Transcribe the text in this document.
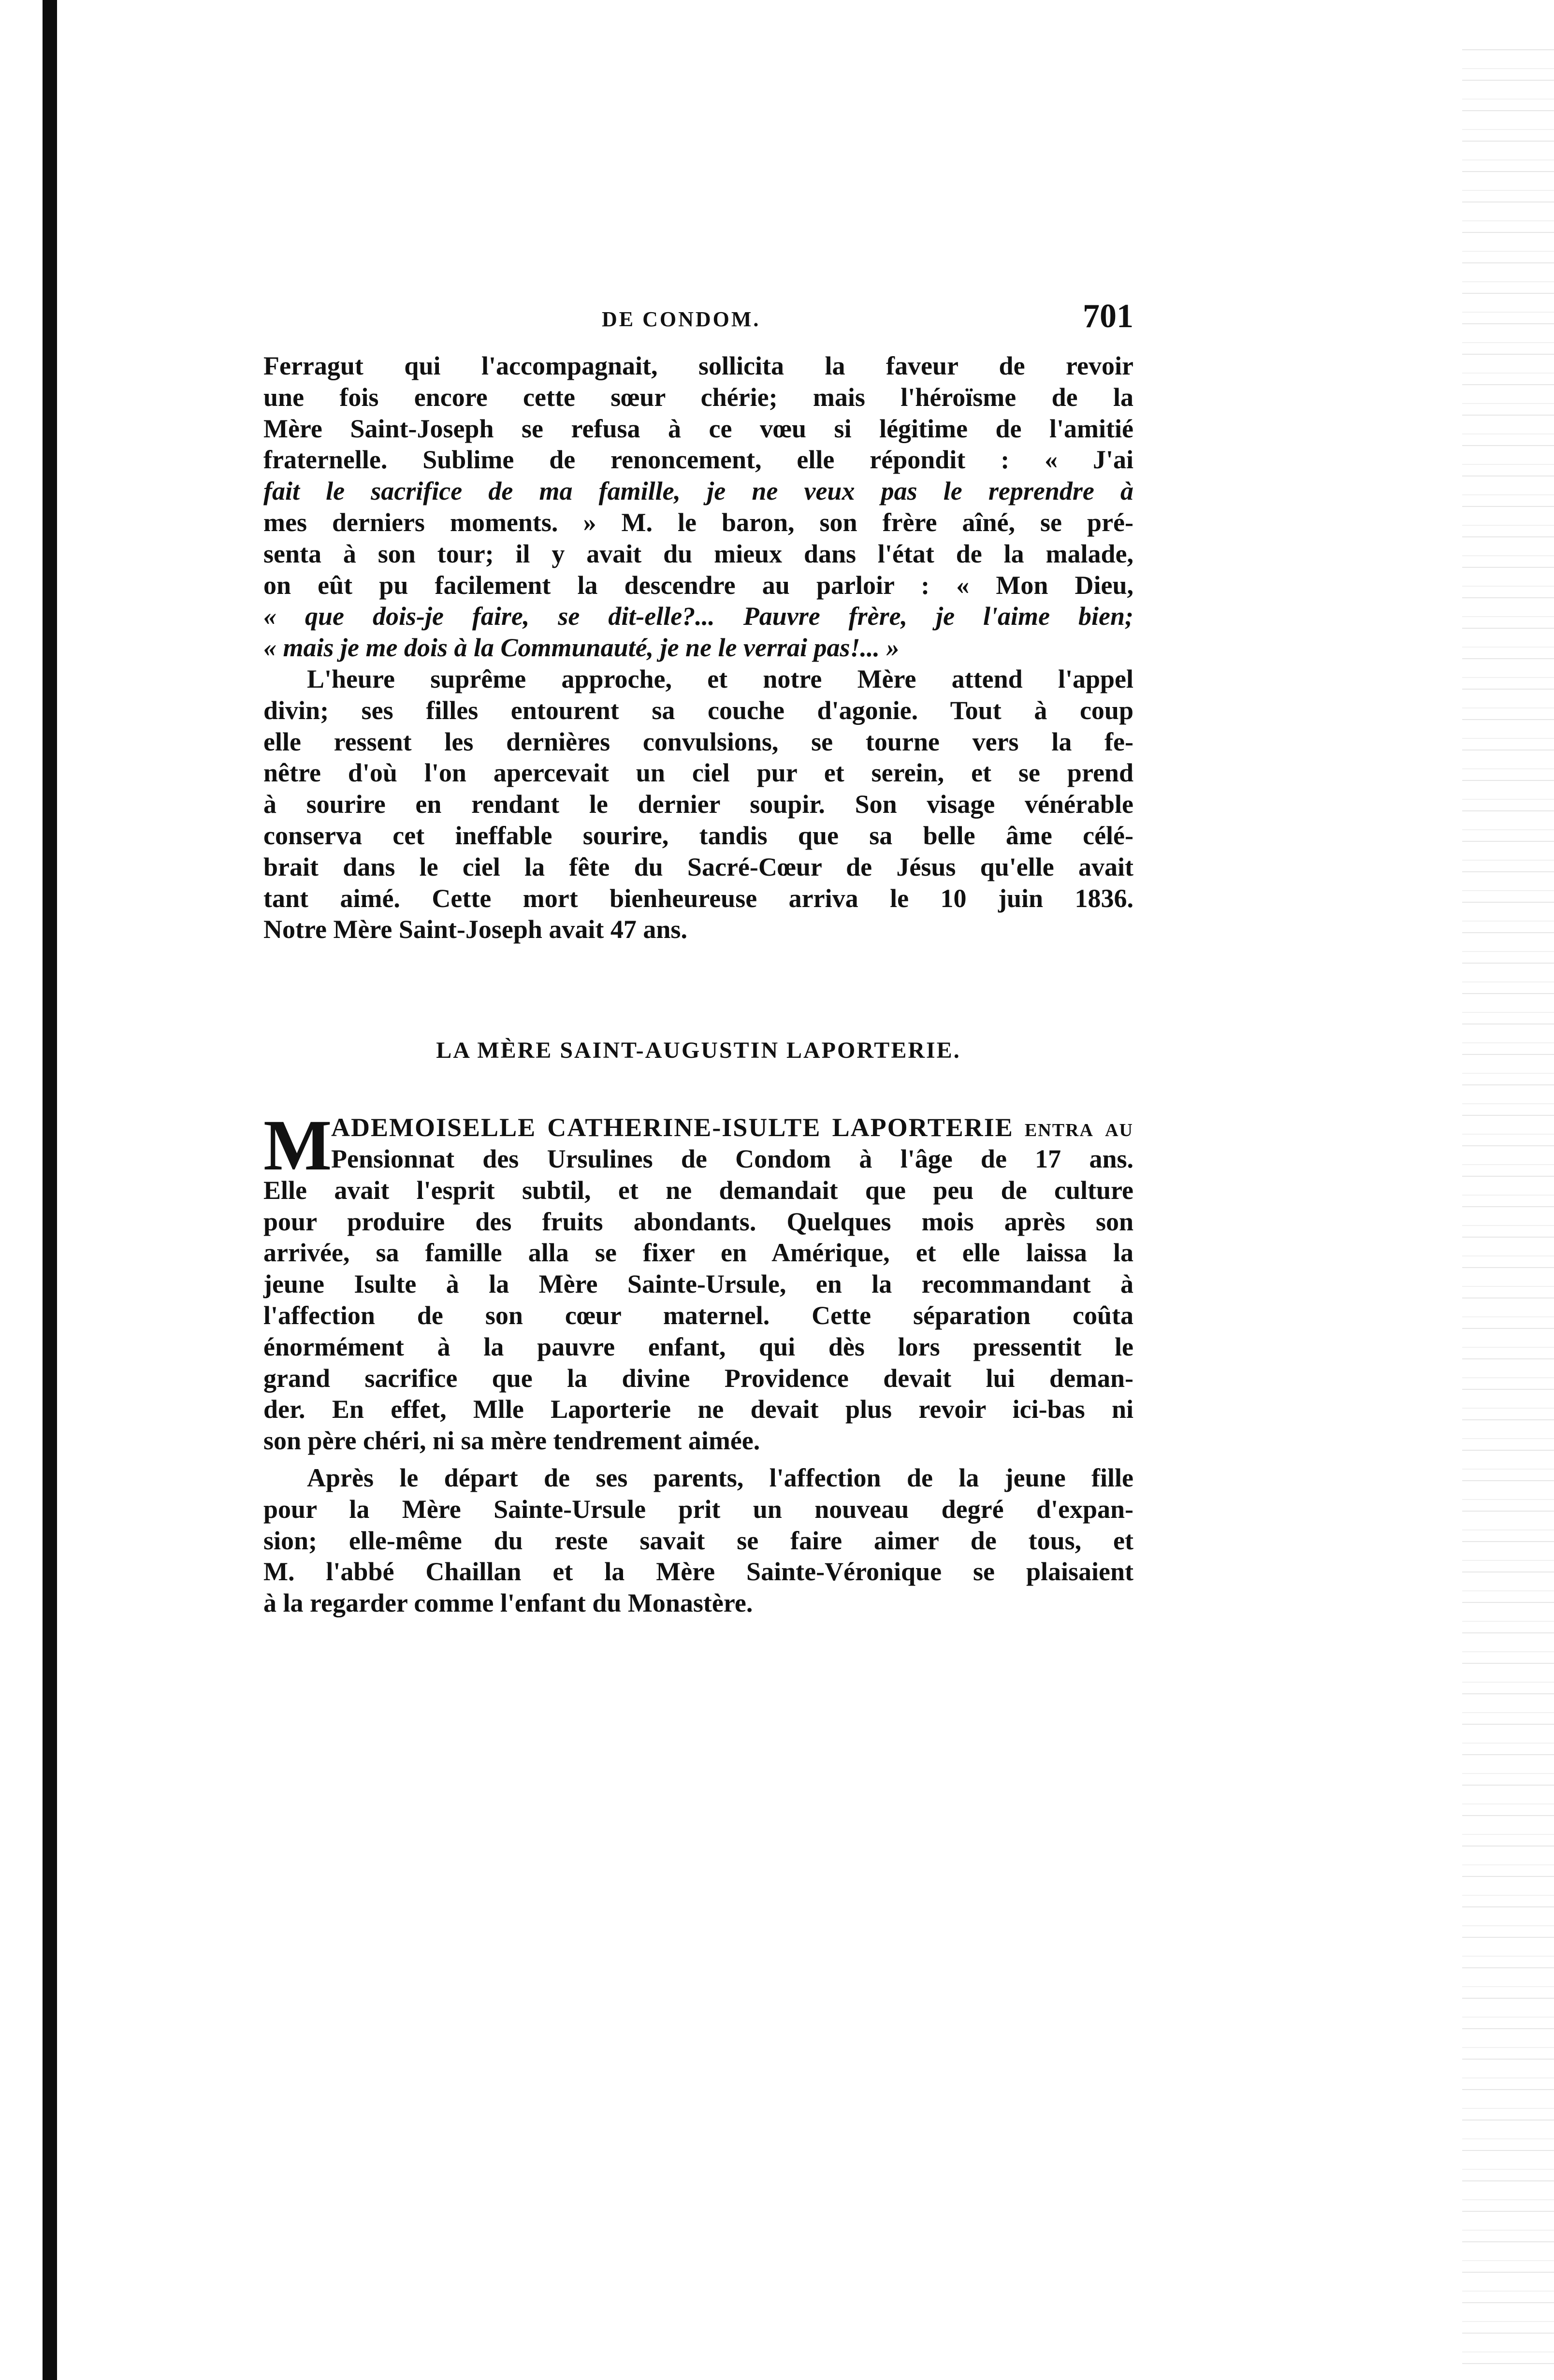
DE CONDOM.	701
Ferragut qui l'accompagnait, sollicita la faveur de revoir
une fois encore cette sœur chérie; mais l'héroïsme de la
Mère Saint-Joseph se refusa à ce vœu si légitime de l'amitié
fraternelle. Sublime de renoncement, elle répondit : « J'ai
fait le sacrifice de ma famille, je ne veux pas le reprendre à
mes derniers moments. » M. le baron, son frère aîné, se pré-
senta à son tour; il y avait du mieux dans l'état de la malade,
on eût pu facilement la descendre au parloir : « Mon Dieu,
« que dois-je faire, se dit-elle?... Pauvre frère, je l'aime bien;
« mais je me dois à la Communauté, je ne le verrai pas!... »
L'heure suprême approche, et notre Mère attend l'appel
divin; ses filles entourent sa couche d'agonie. Tout à coup
elle ressent les dernières convulsions, se tourne vers la fe-
nêtre d'où l'on apercevait un ciel pur et serein, et se prend
à sourire en rendant le dernier soupir. Son visage vénérable
conserva cet ineffable sourire, tandis que sa belle âme célé-
brait dans le ciel la fête du Sacré-Cœur de Jésus qu'elle avait
tant aimé. Cette mort bienheureuse arriva le 10 juin 1836.
Notre Mère Saint-Joseph avait 47 ans.
LA MÈRE SAINT-AUGUSTIN LAPORTERIE.
M
ADEMOISELLE CATHERINE-ISULTE LAPORTERIE entra au
Pensionnat des Ursulines de Condom à l'âge de 17 ans.
Elle avait l'esprit subtil, et ne demandait que peu de culture
pour produire des fruits abondants. Quelques mois après son
arrivée, sa famille alla se fixer en Amérique, et elle laissa la
jeune Isulte à la Mère Sainte-Ursule, en la recommandant à
l'affection de son cœur maternel. Cette séparation coûta
énormément à la pauvre enfant, qui dès lors pressentit le
grand sacrifice que la divine Providence devait lui deman-
der. En effet, Mlle Laporterie ne devait plus revoir ici-bas ni
son père chéri, ni sa mère tendrement aimée.
Après le départ de ses parents, l'affection de la jeune fille
pour la Mère Sainte-Ursule prit un nouveau degré d'expan-
sion; elle-même du reste savait se faire aimer de tous, et
M. l'abbé Chaillan et la Mère Sainte-Véronique se plaisaient
à la regarder comme l'enfant du Monastère.
